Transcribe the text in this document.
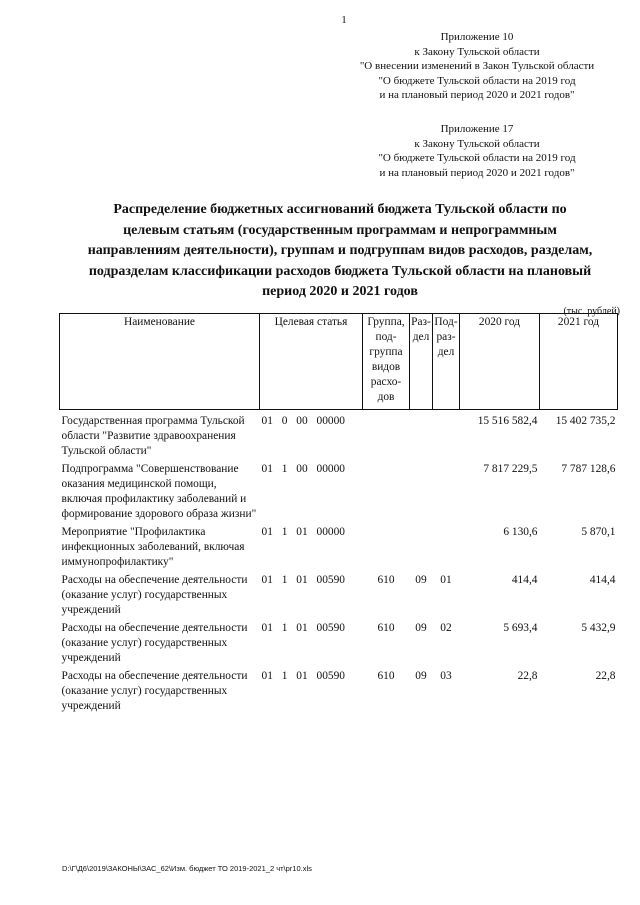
1
Приложение 10
к Закону Тульской области
"О внесении изменений в Закон Тульской области
"О бюджете Тульской области на 2019 год
и на плановый период 2020 и 2021 годов"
Приложение 17
к Закону Тульской области
"О бюджете Тульской области на 2019 год
и на плановый период 2020 и 2021 годов"
Распределение бюджетных ассигнований бюджета Тульской области по
целевым статьям (государственным программам и непрограммным
направлениям деятельности), группам и подгруппам видов расходов, разделам,
подразделам классификации расходов бюджета Тульской области на плановый
период 2020 и 2021 годов
(тыс. рублей)
Наименование	Целевая статья	Группа, под-группа видов расхо-дов	Раз-дел	Под-раз-дел	2020 год	2021 год
Государственная программа Тульской области "Развитие здравоохранения Тульской области"	01 0 00 00000				15 516 582,4	15 402 735,2
Подпрограмма "Совершенствование оказания медицинской помощи, включая профилактику заболеваний и формирование здорового образа жизни"	01 1 00 00000				7 817 229,5	7 787 128,6
Мероприятие "Профилактика инфекционных заболеваний, включая иммунопрофилактику"	01 1 01 00000				6 130,6	5 870,1
Расходы на обеспечение деятельности (оказание услуг) государственных учреждений	01 1 01 00590	610	09	01	414,4	414,4
Расходы на обеспечение деятельности (оказание услуг) государственных учреждений	01 1 01 00590	610	09	02	5 693,4	5 432,9
Расходы на обеспечение деятельности (оказание услуг) государственных учреждений	01 1 01 00590	610	09	03	22,8	22,8
D:\Г\Д6\2019\ЗАКОНЫ\ЗАС_62\Изм. бюджет ТО 2019-2021_2 чт\pr10.xls
